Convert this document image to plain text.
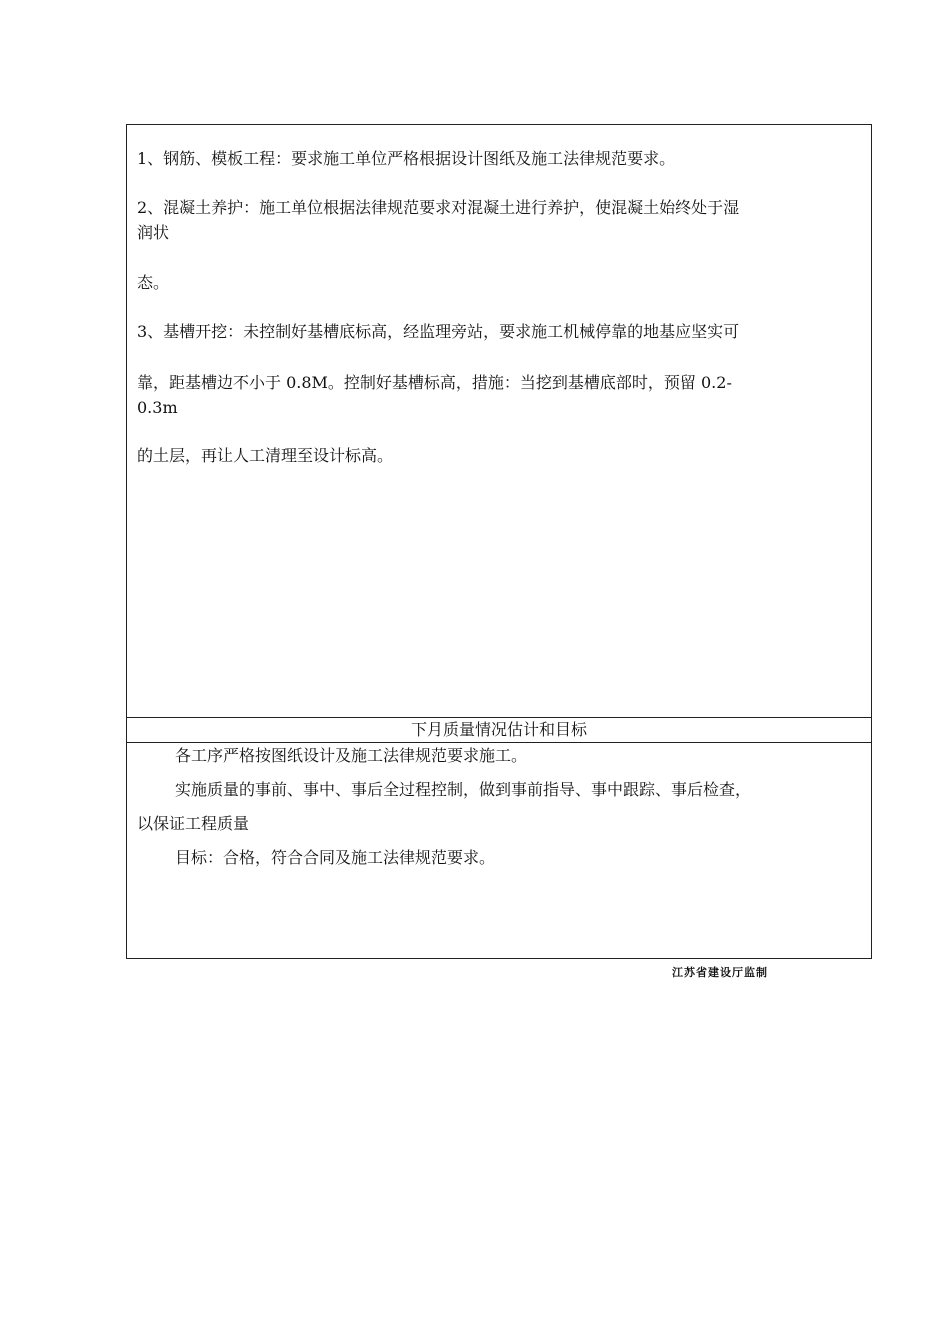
1、钢筋、模板工程：要求施工单位严格根据设计图纸及施工法律规范要求。
2、混凝土养护：施工单位根据法律规范要求对混凝土进行养护，使混凝土始终处于湿
润状
态。
3、基槽开挖：未控制好基槽底标高，经监理旁站，要求施工机械停靠的地基应坚实可
靠，距基槽边不小于 0.8M。控制好基槽标高，措施：当挖到基槽底部时，预留 0.2-
0.3m
的土层，再让人工清理至设计标高。
下月质量情况估计和目标
各工序严格按图纸设计及施工法律规范要求施工。
实施质量的事前、事中、事后全过程控制，做到事前指导、事中跟踪、事后检查，
以保证工程质量
目标：合格，符合合同及施工法律规范要求。
江苏省建设厅监制
